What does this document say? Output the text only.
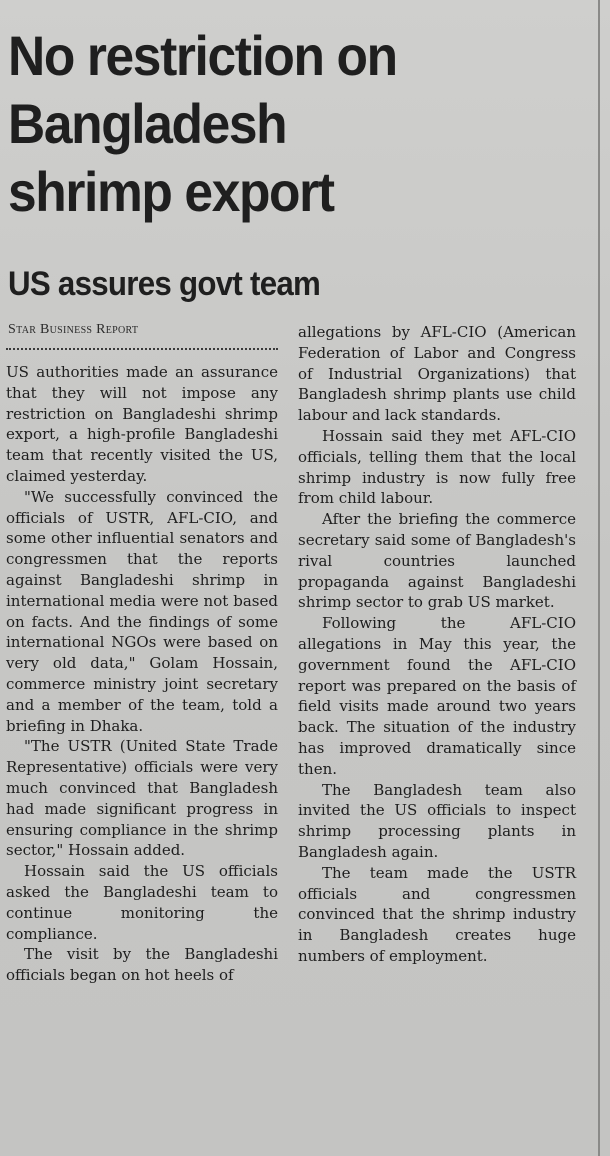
No restriction on
Bangladesh
shrimp export
US assures govt team
Star Business Report

US authorities made an assurance that they will not impose any restriction on Bangladeshi shrimp export, a high-profile Bangladeshi team that recently visited the US, claimed yesterday.

"We successfully convinced the officials of USTR, AFL-CIO, and some other influential senators and congressmen that the reports against Bangladeshi shrimp in international media were not based on facts. And the findings of some international NGOs were based on very old data," Golam Hossain, commerce ministry joint secretary and a member of the team, told a briefing in Dhaka.

"The USTR (United State Trade Representative) officials were very much convinced that Bangladesh had made significant progress in ensuring compliance in the shrimp sector," Hossain added.

Hossain said the US officials asked the Bangladeshi team to continue monitoring the compliance.

The visit by the Bangladeshi officials began on hot heels of

allegations by AFL-CIO (American Federation of Labor and Congress of Industrial Organizations) that Bangladesh shrimp plants use child labour and lack standards.

Hossain said they met AFL-CIO officials, telling them that the local shrimp industry is now fully free from child labour.

After the briefing the commerce secretary said some of Bangladesh's rival countries launched propaganda against Bangladeshi shrimp sector to grab US market.

Following the AFL-CIO allegations in May this year, the government found the AFL-CIO report was prepared on the basis of field visits made around two years back. The situation of the industry has improved dramatically since then.

The Bangladesh team also invited the US officials to inspect shrimp processing plants in Bangladesh again.

The team made the USTR officials and congressmen convinced that the shrimp industry in Bangladesh creates huge numbers of employment.
